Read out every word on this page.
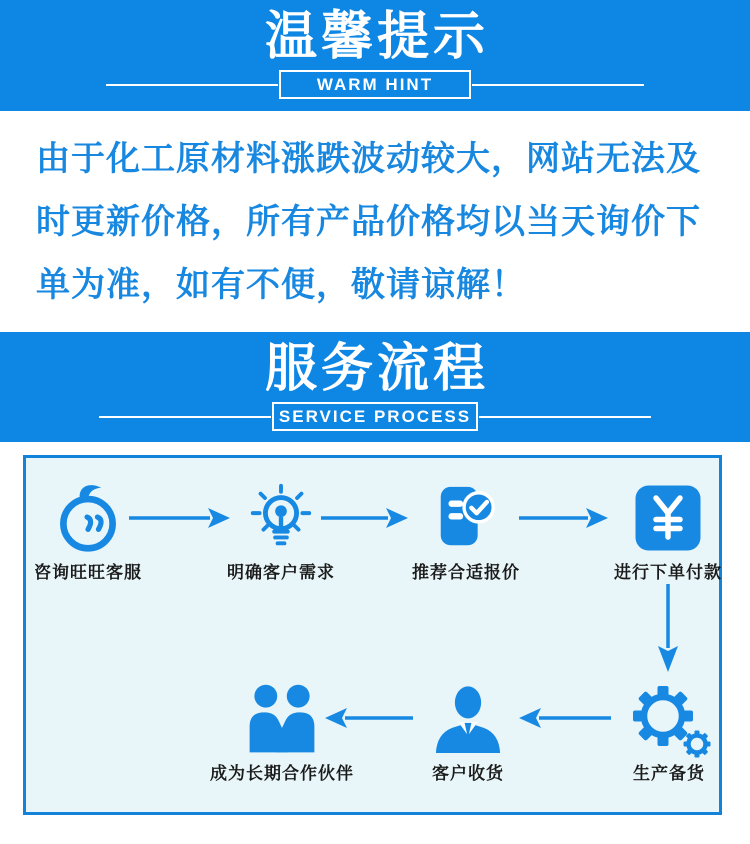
温馨提示
WARM HINT

由于化工原材料涨跌波动较大，网站无法及

时更新价格，所有产品价格均以当天询价下

单为准，如有不便，敬请谅解！

服务流程
SERVICE PROCESS
咨询旺旺客服	明确客户需求	推荐合适报价	进行下单付款
生产备货
客户收货
成为长期合作伙伴
